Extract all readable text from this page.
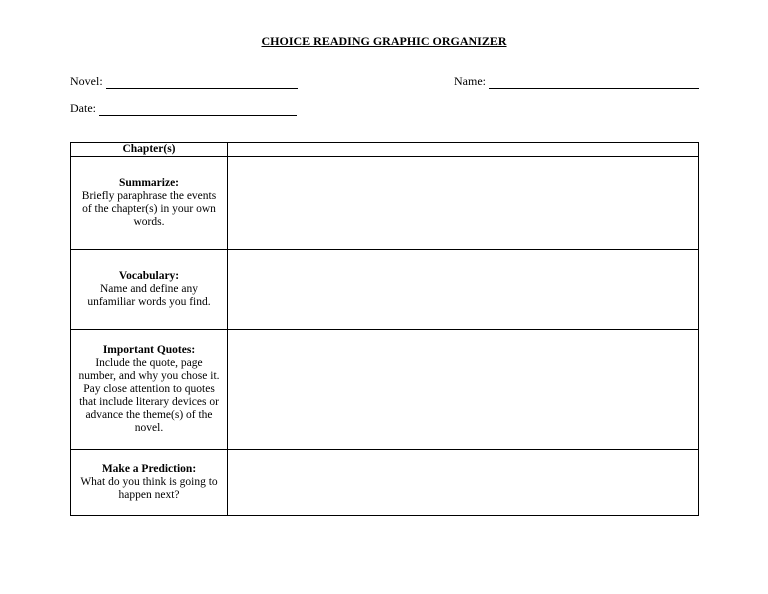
CHOICE READING GRAPHIC ORGANIZER
Novel:	Name:
Date:
Chapter(s)	

Summarize:
Briefly paraphrase the events of the chapter(s) in your own words.	

Vocabulary:
Name and define any unfamiliar words you find.	

Important Quotes:
Include the quote, page number, and why you chose it. Pay close attention to quotes that include literary devices or advance the theme(s) of the novel.	

Make a Prediction:
What do you think is going to happen next?	
